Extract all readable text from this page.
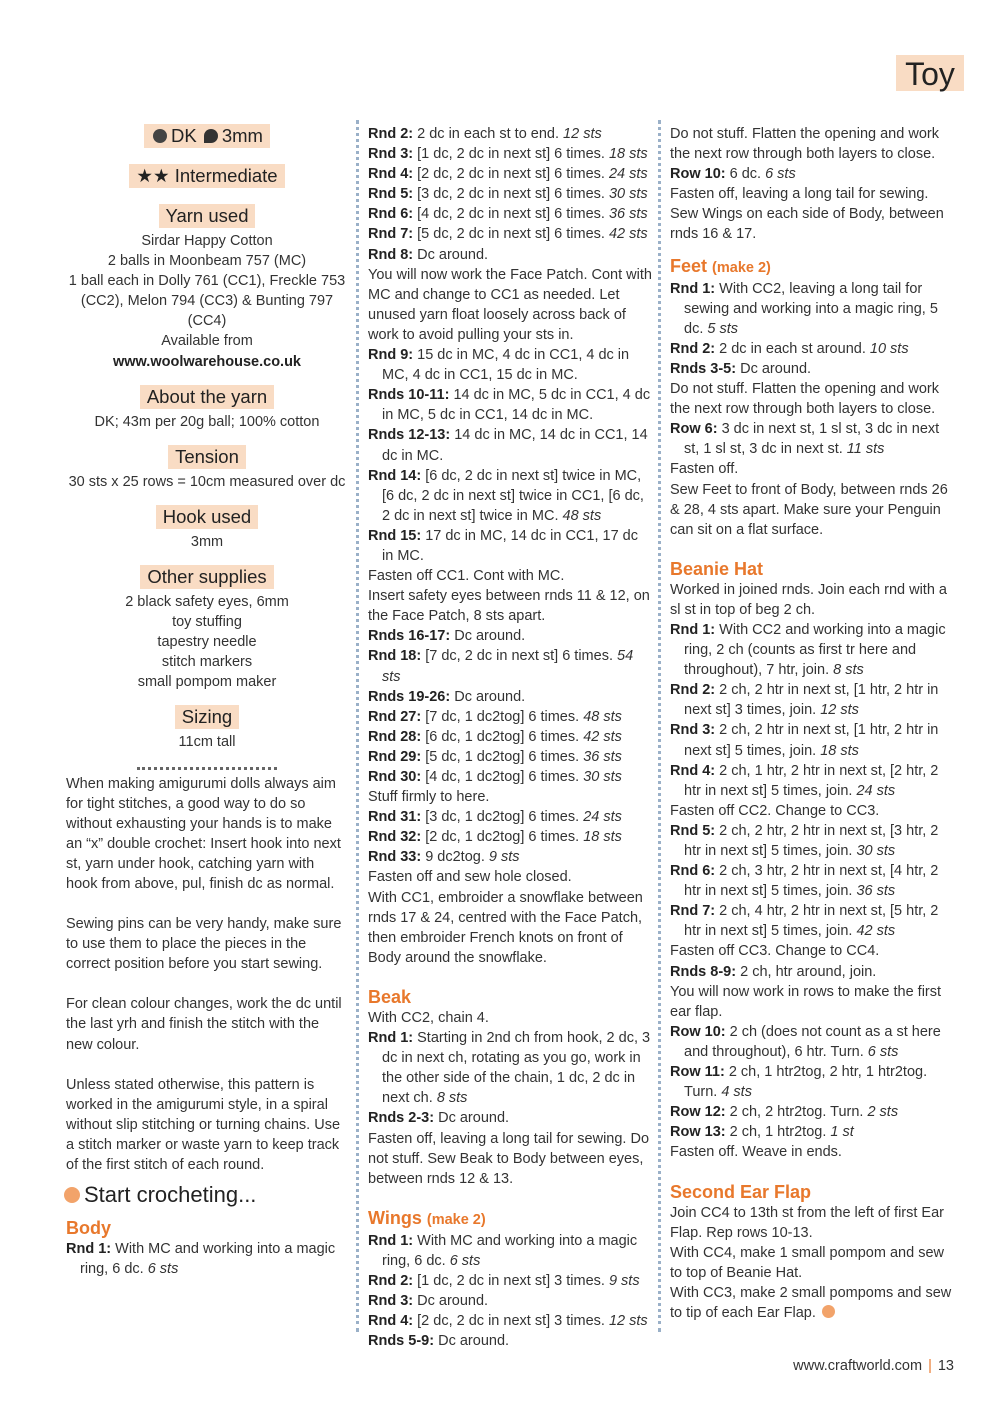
Toy
DK 3mm
★★ Intermediate
Yarn used
Sirdar Happy Cotton
2 balls in Moonbeam 757 (MC)
1 ball each in Dolly 761 (CC1), Freckle 753
(CC2), Melon 794 (CC3) & Bunting 797 (CC4)
Available from
www.woolwarehouse.co.uk
About the yarn
DK; 43m per 20g ball; 100% cotton
Tension
30 sts x 25 rows = 10cm measured over dc
Hook used
3mm
Other supplies
2 black safety eyes, 6mm
toy stuffing
tapestry needle
stitch markers
small pompom maker
Sizing
11cm tall

When making amigurumi dolls always aim for tight stitches, a good way to do so without exhausting your hands is to make an “x” double crochet: Insert hook into next st, yarn under hook, catching yarn with hook from above, pul, finish dc as normal.

Sewing pins can be very handy, make sure to use them to place the pieces in the correct position before you start sewing.

For clean colour changes, work the dc until the last yrh and finish the stitch with the new colour.

Unless stated otherwise, this pattern is worked in the amigurumi style, in a spiral without slip stitching or turning chains. Use a stitch marker or waste yarn to keep track of the first stitch of each round.

Start crocheting...
Body
Rnd 1: With MC and working into a magic ring, 6 dc. 6 sts
Rnd 2: 2 dc in each st to end. 12 sts
Rnd 3: [1 dc, 2 dc in next st] 6 times. 18 sts
Rnd 4: [2 dc, 2 dc in next st] 6 times. 24 sts
Rnd 5: [3 dc, 2 dc in next st] 6 times. 30 sts
Rnd 6: [4 dc, 2 dc in next st] 6 times. 36 sts
Rnd 7: [5 dc, 2 dc in next st] 6 times. 42 sts
Rnd 8: Dc around.
You will now work the Face Patch. Cont with MC and change to CC1 as needed. Let unused yarn float loosely across back of work to avoid pulling your sts in.
Rnd 9: 15 dc in MC, 4 dc in CC1, 4 dc in MC, 4 dc in CC1, 15 dc in MC.
Rnds 10-11: 14 dc in MC, 5 dc in CC1, 4 dc in MC, 5 dc in CC1, 14 dc in MC.
Rnds 12-13: 14 dc in MC, 14 dc in CC1, 14 dc in MC.
Rnd 14: [6 dc, 2 dc in next st] twice in MC, [6 dc, 2 dc in next st] twice in CC1, [6 dc, 2 dc in next st] twice in MC. 48 sts
Rnd 15: 17 dc in MC, 14 dc in CC1, 17 dc in MC.
Fasten off CC1. Cont with MC.
Insert safety eyes between rnds 11 & 12, on the Face Patch, 8 sts apart.
Rnds 16-17: Dc around.
Rnd 18: [7 dc, 2 dc in next st] 6 times. 54 sts
Rnds 19-26: Dc around.
Rnd 27: [7 dc, 1 dc2tog] 6 times. 48 sts
Rnd 28: [6 dc, 1 dc2tog] 6 times. 42 sts
Rnd 29: [5 dc, 1 dc2tog] 6 times. 36 sts
Rnd 30: [4 dc, 1 dc2tog] 6 times. 30 sts
Stuff firmly to here.
Rnd 31: [3 dc, 1 dc2tog] 6 times. 24 sts
Rnd 32: [2 dc, 1 dc2tog] 6 times. 18 sts
Rnd 33: 9 dc2tog. 9 sts
Fasten off and sew hole closed.
With CC1, embroider a snowflake between rnds 17 & 24, centred with the Face Patch, then embroider French knots on front of Body around the snowflake.
Beak
With CC2, chain 4.
Rnd 1: Starting in 2nd ch from hook, 2 dc, 3 dc in next ch, rotating as you go, work in the other side of the chain, 1 dc, 2 dc in next ch. 8 sts
Rnds 2-3: Dc around.
Fasten off, leaving a long tail for sewing. Do not stuff. Sew Beak to Body between eyes, between rnds 12 & 13.
Wings (make 2)
Rnd 1: With MC and working into a magic ring, 6 dc. 6 sts
Rnd 2: [1 dc, 2 dc in next st] 3 times. 9 sts
Rnd 3: Dc around.
Rnd 4: [2 dc, 2 dc in next st] 3 times. 12 sts
Rnds 5-9: Dc around.
Do not stuff. Flatten the opening and work the next row through both layers to close.
Row 10: 6 dc. 6 sts
Fasten off, leaving a long tail for sewing. Sew Wings on each side of Body, between rnds 16 & 17.
Feet (make 2)
Rnd 1: With CC2, leaving a long tail for sewing and working into a magic ring, 5 dc. 5 sts
Rnd 2: 2 dc in each st around. 10 sts
Rnds 3-5: Dc around.
Do not stuff. Flatten the opening and work the next row through both layers to close.
Row 6: 3 dc in next st, 1 sl st, 3 dc in next st, 1 sl st, 3 dc in next st. 11 sts
Fasten off.
Sew Feet to front of Body, between rnds 26 & 28, 4 sts apart. Make sure your Penguin can sit on a flat surface.
Beanie Hat
Worked in joined rnds. Join each rnd with a sl st in top of beg 2 ch.
Rnd 1: With CC2 and working into a magic ring, 2 ch (counts as first tr here and throughout), 7 htr, join. 8 sts
Rnd 2: 2 ch, 2 htr in next st, [1 htr, 2 htr in next st] 3 times, join. 12 sts
Rnd 3: 2 ch, 2 htr in next st, [1 htr, 2 htr in next st] 5 times, join. 18 sts
Rnd 4: 2 ch, 1 htr, 2 htr in next st, [2 htr, 2 htr in next st] 5 times, join. 24 sts
Fasten off CC2. Change to CC3.
Rnd 5: 2 ch, 2 htr, 2 htr in next st, [3 htr, 2 htr in next st] 5 times, join. 30 sts
Rnd 6: 2 ch, 3 htr, 2 htr in next st, [4 htr, 2 htr in next st] 5 times, join. 36 sts
Rnd 7: 2 ch, 4 htr, 2 htr in next st, [5 htr, 2 htr in next st] 5 times, join. 42 sts
Fasten off CC3. Change to CC4.
Rnds 8-9: 2 ch, htr around, join.
You will now work in rows to make the first ear flap.
Row 10: 2 ch (does not count as a st here and throughout), 6 htr. Turn. 6 sts
Row 11: 2 ch, 1 htr2tog, 2 htr, 1 htr2tog. Turn. 4 sts
Row 12: 2 ch, 2 htr2tog. Turn. 2 sts
Row 13: 2 ch, 1 htr2tog. 1 st
Fasten off. Weave in ends.
Second Ear Flap
Join CC4 to 13th st from the left of first Ear Flap. Rep rows 10-13.
With CC4, make 1 small pompom and sew to top of Beanie Hat.
With CC3, make 2 small pompoms and sew to tip of each Ear Flap.
www.craftworld.com | 13
